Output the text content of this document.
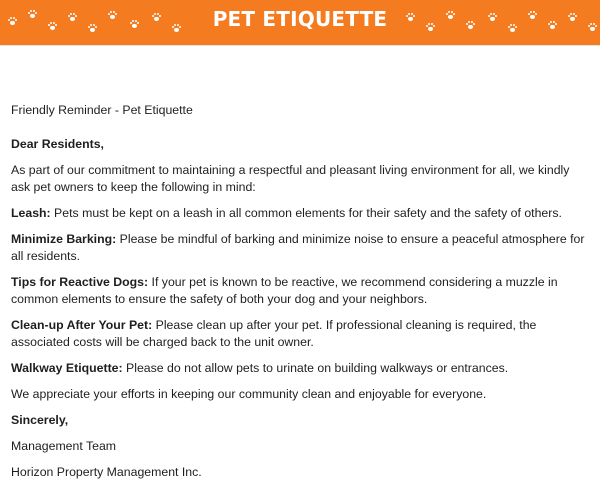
PET ETIQUETTE

Friendly Reminder - Pet Etiquette

Dear Residents,

As part of our commitment to maintaining a respectful and pleasant living environment for all, we kindly ask pet owners to keep the following in mind:

Leash: Pets must be kept on a leash in all common elements for their safety and the safety of others.

Minimize Barking: Please be mindful of barking and minimize noise to ensure a peaceful atmosphere for all residents.

Tips for Reactive Dogs: If your pet is known to be reactive, we recommend considering a muzzle in common elements to ensure the safety of both your dog and your neighbors.

Clean-up After Your Pet: Please clean up after your pet. If professional cleaning is required, the associated costs will be charged back to the unit owner.

Walkway Etiquette: Please do not allow pets to urinate on building walkways or entrances.

We appreciate your efforts in keeping our community clean and enjoyable for everyone.

Sincerely,

Management Team

Horizon Property Management Inc.
